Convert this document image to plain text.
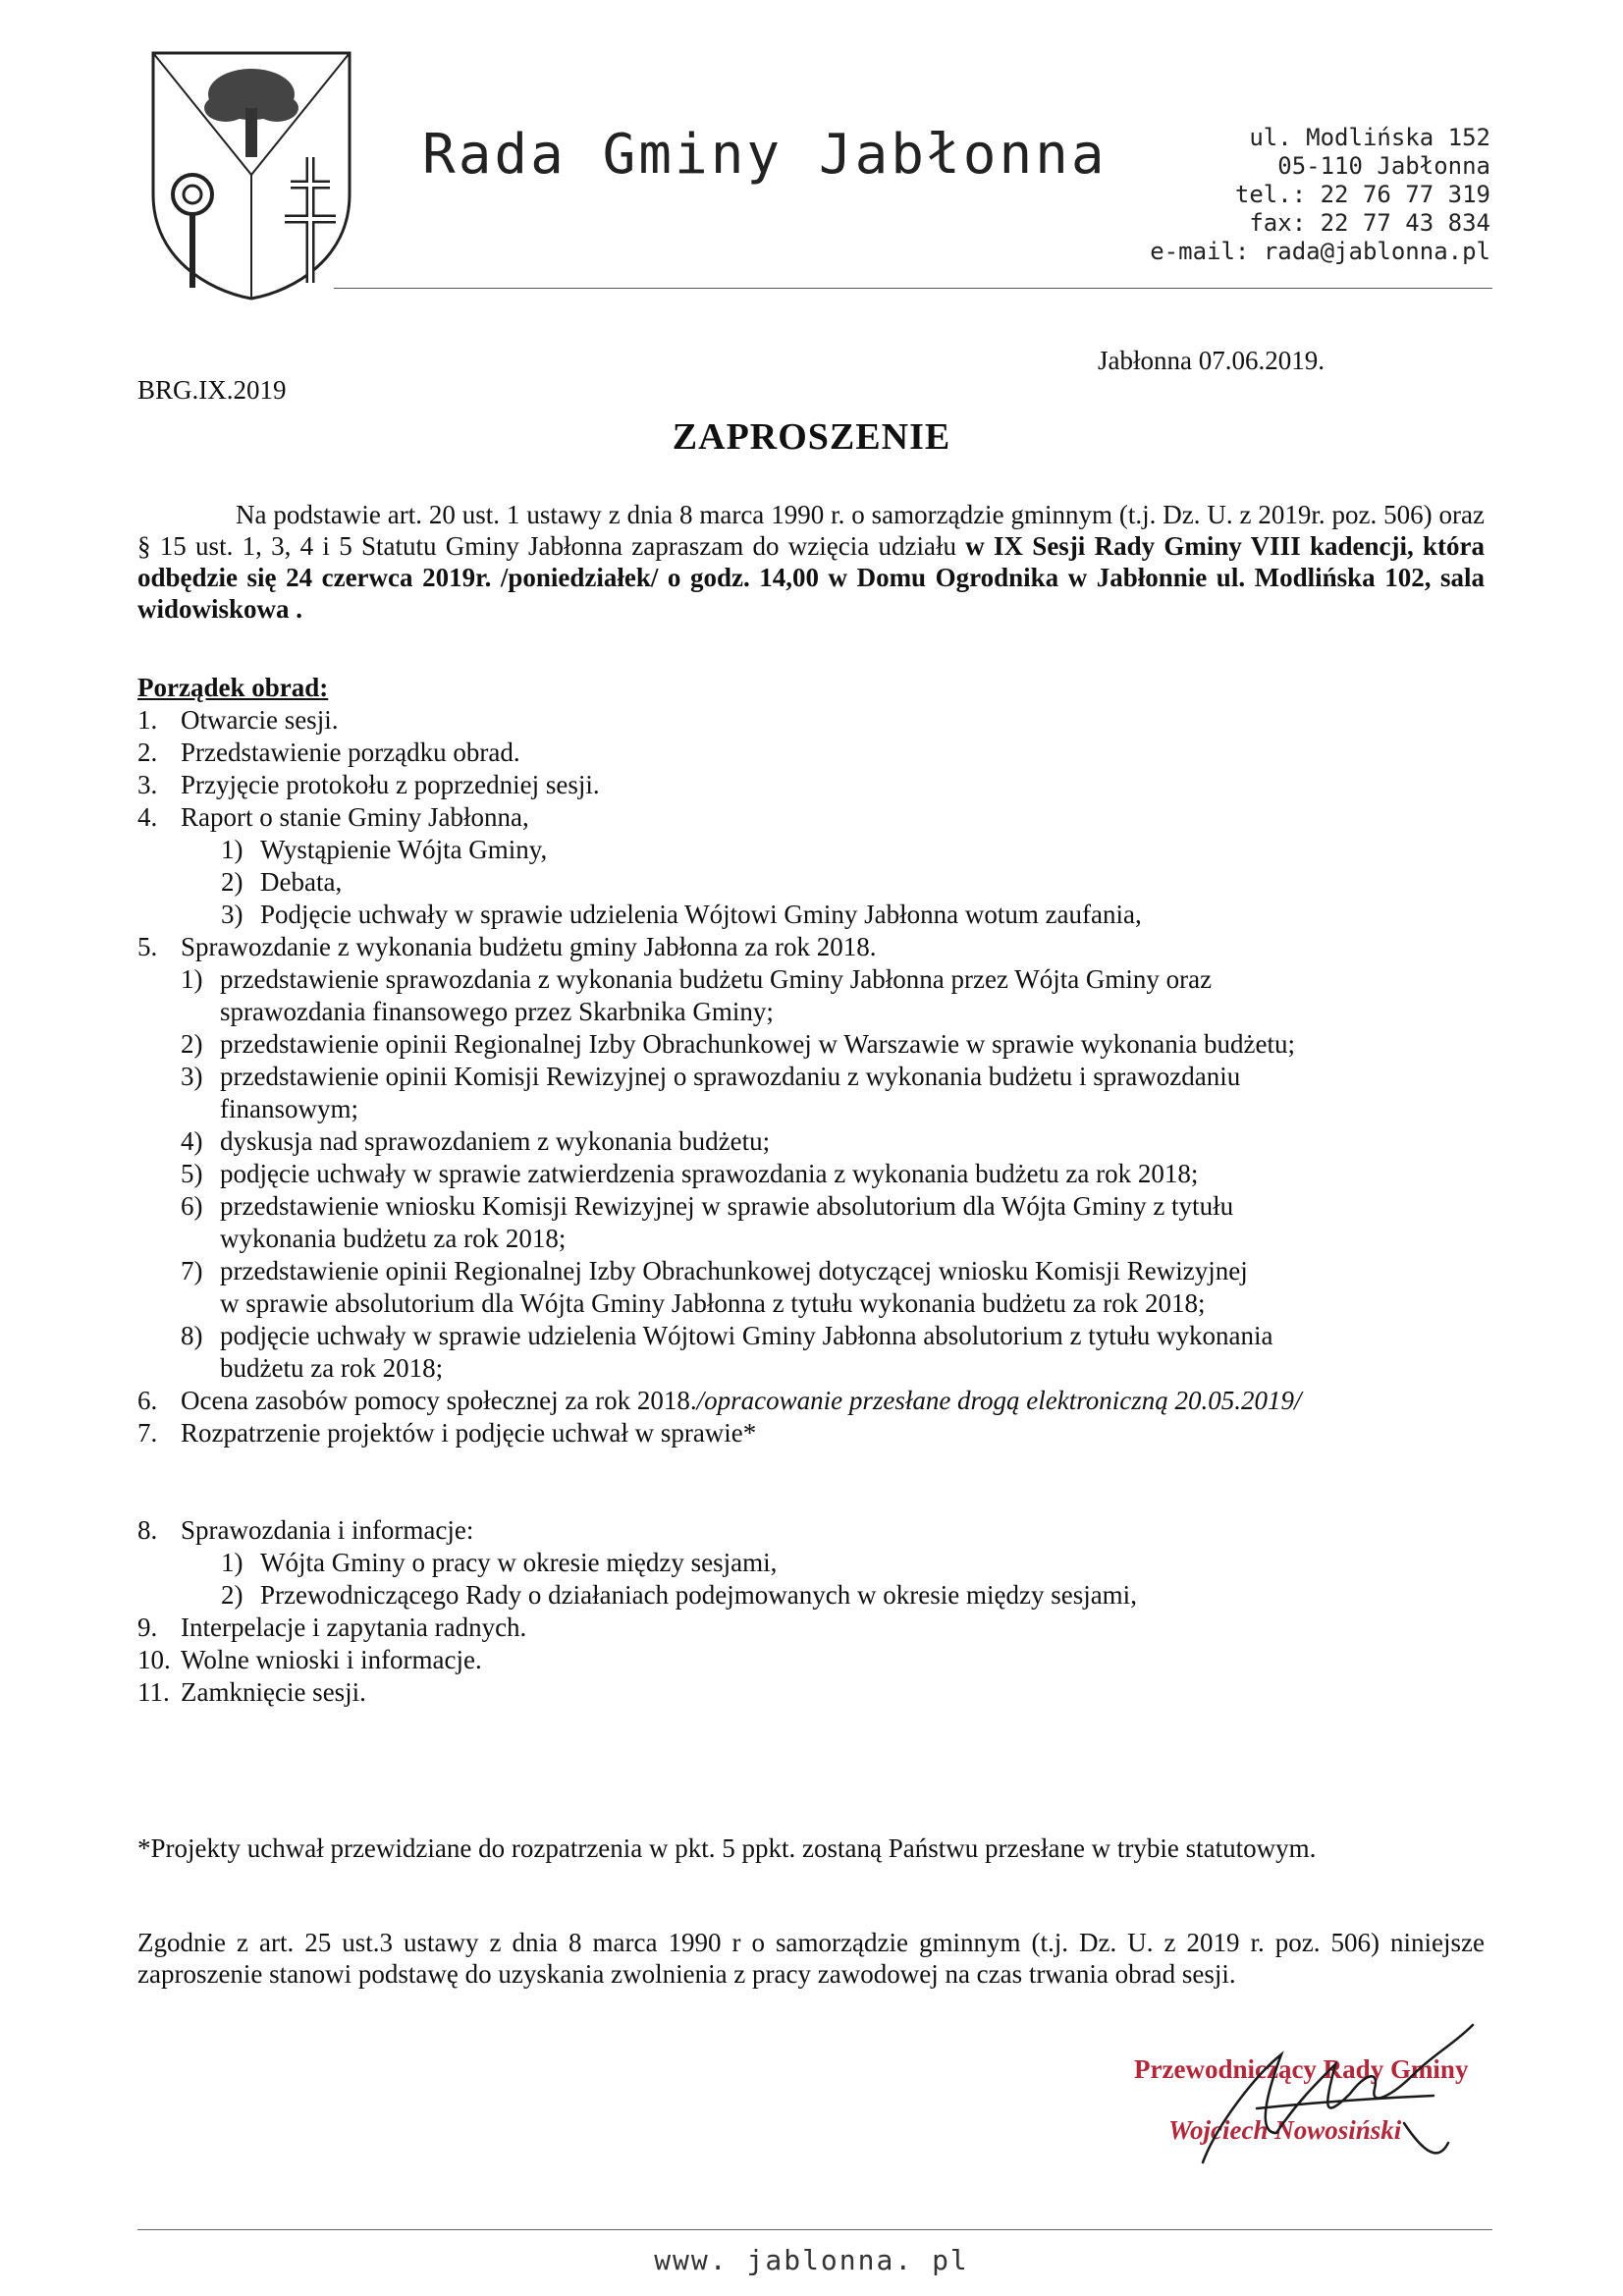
Rada Gminy Jabłonna	ul. Modlińska 152
05-110 Jabłonna
tel.: 22 76 77 319
fax: 22 77 43 834
e-mail: rada@jablonna.pl
BRG.IX.2019
Jabłonna 07.06.2019.
ZAPROSZENIE
Na podstawie art. 20 ust. 1 ustawy z dnia 8 marca 1990 r. o samorządzie gminnym (t.j. Dz. U. z 2019r. poz. 506) oraz § 15 ust. 1, 3, 4 i 5 Statutu Gminy Jabłonna zapraszam do wzięcia udziału w IX Sesji Rady Gminy VIII kadencji, która odbędzie się 24 czerwca 2019r. /poniedziałek/ o godz. 14,00 w Domu Ogrodnika w Jabłonnie ul. Modlińska 102, sala widowiskowa .
Porządek obrad:
1. Otwarcie sesji.
2. Przedstawienie porządku obrad.
3. Przyjęcie protokołu z poprzedniej sesji.
4. Raport o stanie Gminy Jabłonna,
1) Wystąpienie Wójta Gminy,
2) Debata,
3) Podjęcie uchwały w sprawie udzielenia Wójtowi Gminy Jabłonna wotum zaufania,
5. Sprawozdanie z wykonania budżetu gminy Jabłonna za rok 2018.
1) przedstawienie sprawozdania z wykonania budżetu Gminy Jabłonna przez Wójta Gminy oraz
sprawozdania finansowego przez Skarbnika Gminy;
2) przedstawienie opinii Regionalnej Izby Obrachunkowej w Warszawie w sprawie wykonania budżetu;
3) przedstawienie opinii Komisji Rewizyjnej o sprawozdaniu z wykonania budżetu i sprawozdaniu
finansowym;
4) dyskusja nad sprawozdaniem z wykonania budżetu;
5) podjęcie uchwały w sprawie zatwierdzenia sprawozdania z wykonania budżetu za rok 2018;
6) przedstawienie wniosku Komisji Rewizyjnej w sprawie absolutorium dla Wójta Gminy z tytułu
wykonania budżetu za rok 2018;
7) przedstawienie opinii Regionalnej Izby Obrachunkowej dotyczącej wniosku Komisji Rewizyjnej
w sprawie absolutorium dla Wójta Gminy Jabłonna z tytułu wykonania budżetu za rok 2018;
8) podjęcie uchwały w sprawie udzielenia Wójtowi Gminy Jabłonna absolutorium z tytułu wykonania
budżetu za rok 2018;
6. Ocena zasobów pomocy społecznej za rok 2018./opracowanie przesłane drogą elektroniczną 20.05.2019/
7. Rozpatrzenie projektów i podjęcie uchwał w sprawie*
8. Sprawozdania i informacje:
1) Wójta Gminy o pracy w okresie między sesjami,
2) Przewodniczącego Rady o działaniach podejmowanych w okresie między sesjami,
9. Interpelacje i zapytania radnych.
10. Wolne wnioski i informacje.
11. Zamknięcie sesji.
*Projekty uchwał przewidziane do rozpatrzenia w pkt. 5 ppkt. zostaną Państwu przesłane w trybie statutowym.
Zgodnie z art. 25 ust.3 ustawy z dnia 8 marca 1990 r o samorządzie gminnym (t.j. Dz. U. z 2019 r. poz. 506) niniejsze zaproszenie stanowi podstawę do uzyskania zwolnienia z pracy zawodowej na czas trwania obrad sesji.
Przewodniczący Rady Gminy
Wojciech Nowosiński
www. jablonna. pl
